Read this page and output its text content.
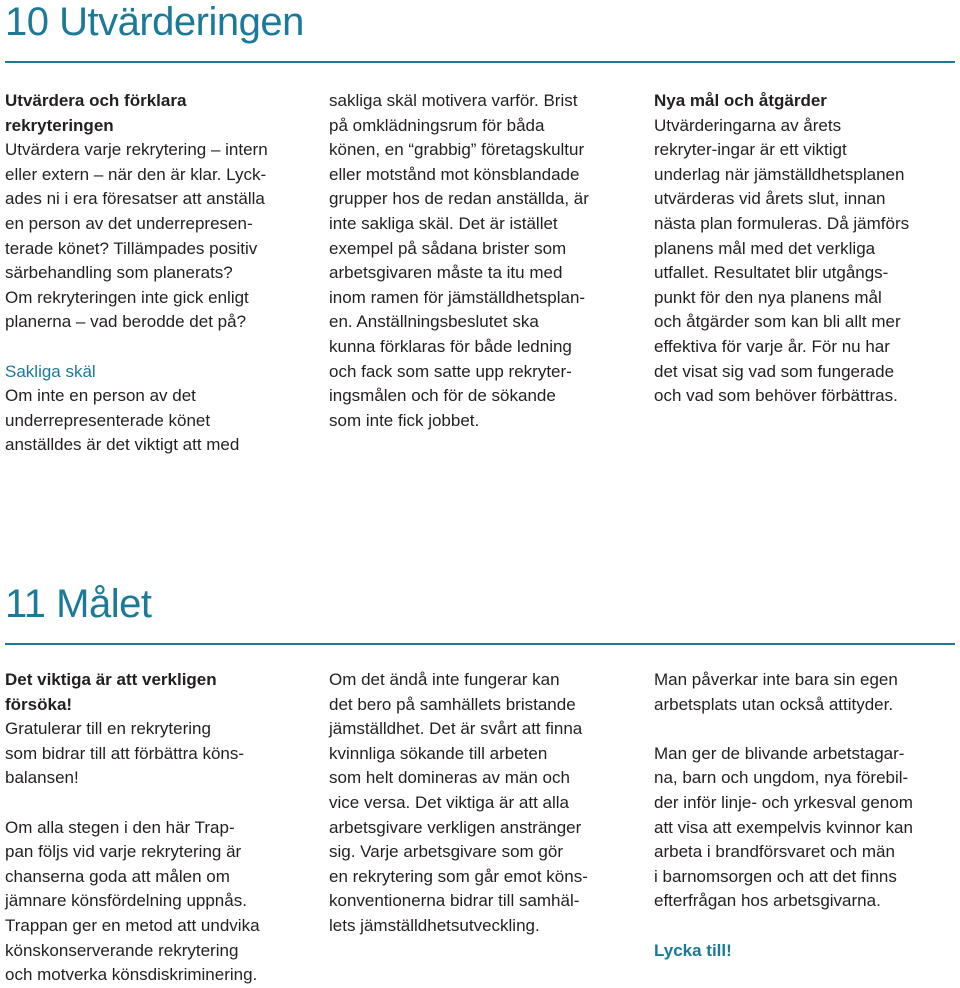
10 Utvärderingen

Utvärdera och förklara
rekryteringen
Utvärdera varje rekrytering – intern
eller extern – när den är klar. Lyck-
ades ni i era föresatser att anställa
en person av det underrepresen-
terade könet? Tillämpades positiv
särbehandling som planerats?
Om rekryteringen inte gick enligt
planerna – vad berodde det på?

Sakliga skäl
Om inte en person av det
underrepresenterade könet
anställdes är det viktigt att med

sakliga skäl motivera varför. Brist
på omklädningsrum för båda
könen, en “grabbig” företagskultur
eller motstånd mot könsblandade
grupper hos de redan anställda, är
inte sakliga skäl. Det är istället
exempel på sådana brister som
arbetsgivaren måste ta itu med
inom ramen för jämställdhetsplan-
en. Anställningsbeslutet ska
kunna förklaras för både ledning
och fack som satte upp rekryter-
ingsmålen och för de sökande
som inte fick jobbet.

Nya mål och åtgärder
Utvärderingarna av årets
rekryter-ingar är ett viktigt
underlag när jämställdhetsplanen
utvärderas vid årets slut, innan
nästa plan formuleras. Då jämförs
planens mål med det verkliga
utfallet. Resultatet blir utgångs-
punkt för den nya planens mål
och åtgärder som kan bli allt mer
effektiva för varje år. För nu har
det visat sig vad som fungerade
och vad som behöver förbättras.

11 Målet

Det viktiga är att verkligen
försöka!
Gratulerar till en rekrytering
som bidrar till att förbättra köns-
balansen!

Om alla stegen i den här Trap-
pan följs vid varje rekrytering är
chanserna goda att målen om
jämnare könsfördelning uppnås.
Trappan ger en metod att undvika
könskonserverande rekrytering
och motverka könsdiskriminering.

Om det ändå inte fungerar kan
det bero på samhällets bristande
jämställdhet. Det är svårt att finna
kvinnliga sökande till arbeten
som helt domineras av män och
vice versa. Det viktiga är att alla
arbetsgivare verkligen anstränger
sig. Varje arbetsgivare som gör
en rekrytering som går emot köns-
konventionerna bidrar till samhäl-
lets jämställdhetsutveckling.

Man påverkar inte bara sin egen
arbetsplats utan också attityder.

Man ger de blivande arbetstagar-
na, barn och ungdom, nya förebil-
der inför linje- och yrkesval genom
att visa att exempelvis kvinnor kan
arbeta i brandförsvaret och män
i barnomsorgen och att det finns
efterfrågan hos arbetsgivarna.

Lycka till!
